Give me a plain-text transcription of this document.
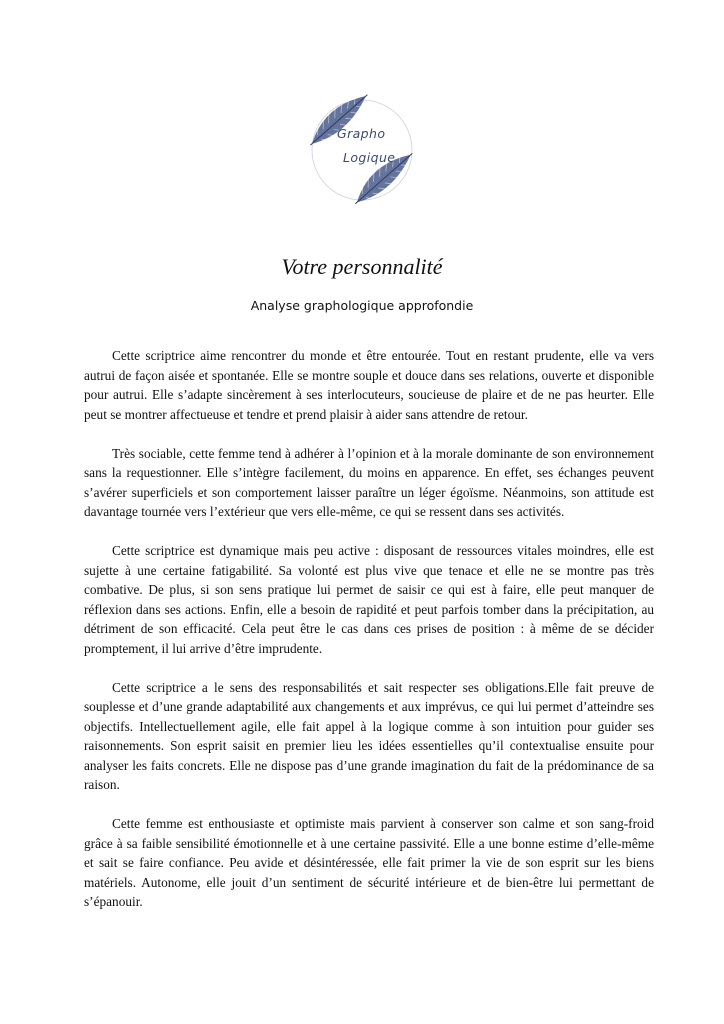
Grapho
Logique
Votre personnalité
Analyse graphologique approfondie

Cette scriptrice aime rencontrer du monde et être entourée. Tout en restant prudente, elle va vers autrui de façon aisée et spontanée. Elle se montre souple et douce dans ses relations, ouverte et disponible pour autrui. Elle s’adapte sincèrement à ses interlocuteurs, soucieuse de plaire et de ne pas heurter. Elle peut se montrer affectueuse et tendre et prend plaisir à aider sans attendre de retour.

Très sociable, cette femme tend à adhérer à l’opinion et à la morale dominante de son environnement sans la requestionner. Elle s’intègre facilement, du moins en apparence. En effet, ses échanges peuvent s’avérer superficiels et son comportement laisser paraître un léger égoïsme. Néanmoins, son attitude est davantage tournée vers l’extérieur que vers elle-même, ce qui se ressent dans ses activités.

Cette scriptrice est dynamique mais peu active : disposant de ressources vitales moindres, elle est sujette à une certaine fatigabilité. Sa volonté est plus vive que tenace et elle ne se montre pas très combative. De plus, si son sens pratique lui permet de saisir ce qui est à faire, elle peut manquer de réflexion dans ses actions. Enfin, elle a besoin de rapidité et peut parfois tomber dans la précipitation, au détriment de son efficacité. Cela peut être le cas dans ces prises de position : à même de se décider promptement, il lui arrive d’être imprudente.

Cette scriptrice a le sens des responsabilités et sait respecter ses obligations.Elle fait preuve de souplesse et d’une grande adaptabilité aux changements et aux imprévus, ce qui lui permet d’atteindre ses objectifs. Intellectuellement agile, elle fait appel à la logique comme à son intuition pour guider ses raisonnements. Son esprit saisit en premier lieu les idées essentielles qu’il contextualise ensuite pour analyser les faits concrets. Elle ne dispose pas d’une grande imagination du fait de la prédominance de sa raison.

Cette femme est enthousiaste et optimiste mais parvient à conserver son calme et son sang-froid grâce à sa faible sensibilité émotionnelle et à une certaine passivité. Elle a une bonne estime d’elle-même et sait se faire confiance. Peu avide et désintéressée, elle fait primer la vie de son esprit sur les biens matériels. Autonome, elle jouit d’un sentiment de sécurité intérieure et de bien-être lui permettant de s’épanouir.
